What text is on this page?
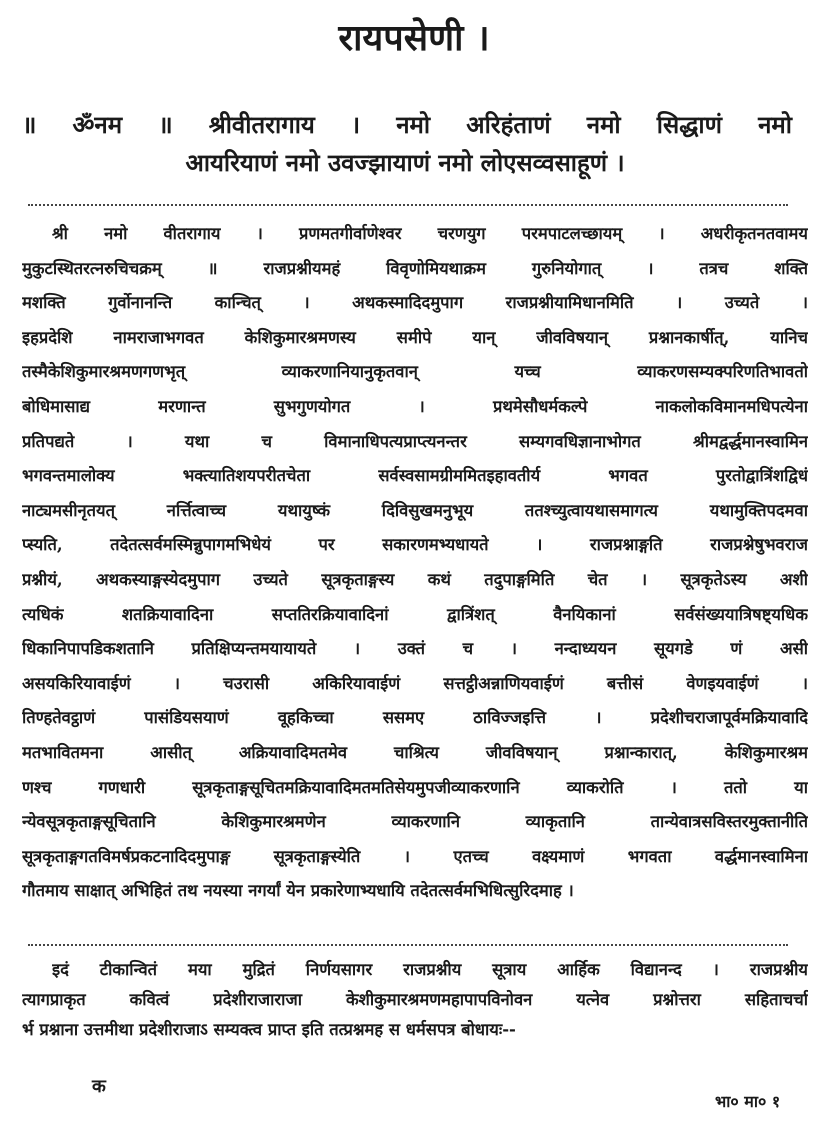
रायपसेणी ।
॥ ॐनम ॥ श्रीवीतरागाय । नमो अरिहंताणं नमो सिद्धाणं नमो
आयरियाणं नमो उवज्झायाणं नमो लोएसव्वसाहूणं ।
श्री नमो वीतरागाय । प्रणमतगीर्वाणेश्वर चरणयुग परमपाटलच्छायम् । अधरीकृतनतवामय
मुकुटस्थितरत्नरुचिचक्रम् ॥ राजप्रश्नीयमहं विवृणोमियथाक्रम गुरुनियोगात् । तत्रच शक्ति
मशक्ति गुर्वोनानन्ति कान्चित् । अथकस्मादिदमुपाग राजप्रश्नीयामिधानमिति । उच्यते ।
इहप्रदेशि नामराजाभगवत केशिकुमारश्रमणस्य समीपे यान् जीवविषयान् प्रश्नानकार्षीत्, यानिच
तस्मैकेशिकुमारश्रमणगणभृत् व्याकरणानियानुकृतवान् यच्च व्याकरणसम्यक्परिणतिभावतो
बोधिमासाद्य मरणान्त सुभगुणयोगत । प्रथमेसौधर्मकल्पे नाकलोकविमानमधिपत्येना
प्रतिपद्यते । यथा च विमानाधिपत्यप्राप्त्यनन्तर सम्यगवधिज्ञानाभोगत श्रीमद्वर्द्धमानस्वामिन
भगवन्तमालोक्य भक्त्यातिशयपरीतचेता सर्वस्वसामग्रीममितइहावतीर्य भगवत पुरतोद्वात्रिंशद्विधं
नाट्यमसीनृतयत् नर्त्तित्वाच्च यथायुष्कं दिविसुखमनुभूय ततश्च्युत्वायथासमागत्य यथामुक्तिपदमवा
प्स्यति, तदेतत्सर्वमस्मिन्नुपागमभिधेयं पर सकारणमभ्यधायते । राजप्रश्नाङ्गति राजप्रश्नेषुभवराज
प्रश्नीयं, अथकस्याङ्गस्येदमुपाग उच्यते सूत्रकृताङ्गस्य कथं तदुपाङ्गमिति चेत । सूत्रकृतेऽस्य अशी
त्यधिकं शतक्रियावादिना सप्ततिरक्रियावादिनां द्वात्रिंशत् वैनयिकानां सर्वसंख्ययात्रिषष्ट्यधिक
धिकानिपापडिकशतानि प्रतिक्षिप्यन्तमयायायते । उक्तं च । नन्दाध्ययन सूयगडे णं असी
असयकिरियावाईणं । चउरासी अकिरियावाईणं सत्तट्ठीअन्नाणियवाईणं बत्तीसं वेणइयवाईणं ।
तिण्हतेवट्ठाणं पासंडियसयाणं वूहकिच्चा ससमए ठाविज्जइत्ति । प्रदेशीचराजापूर्वमक्रियावादि
मतभावितमना आसीत् अक्रियावादिमतमेव चाश्रित्य जीवविषयान् प्रश्नान्कारात्, केशिकुमारश्रम
णश्च गणधारी सूत्रकृताङ्गसूचितमक्रियावादिमतमतिसेयमुपजीव्याकरणानि व्याकरोति । ततो या
न्येवसूत्रकृताङ्गसूचितानि केशिकुमारश्रमणेन व्याकरणानि व्याकृतानि तान्येवात्रसविस्तरमुक्तानीति
सूत्रकृताङ्गगतविमर्षप्रकटनादिदमुपाङ्ग सूत्रकृताङ्गस्येति । एतच्च वक्ष्यमाणं भगवता वर्द्धमानस्वामिना
गौतमाय साक्षात् अभिहितं तथ नयस्या नगर्यां येन प्रकारेणाभ्यधायि तदेतत्सर्वमभिधित्सुरिदमाह ।
इदं टीकान्वितं मया मुद्रितं निर्णयसागर राजप्रश्नीय सूत्राय आर्हिक विद्यानन्द । राजप्रश्नीय
त्यागप्राकृत कवित्वं प्रदेशीराजाराजा केशीकुमारश्रमणमहापापविनोवन यत्नेव प्रश्नोत्तरा सहिताचर्चा
र्भ प्रश्नाना उत्तमीथा प्रदेशीराजाऽ सम्यक्त्व प्राप्त इति तत्प्रश्नमह स धर्मसपत्र बोधायः--
क
भा० मा० १
